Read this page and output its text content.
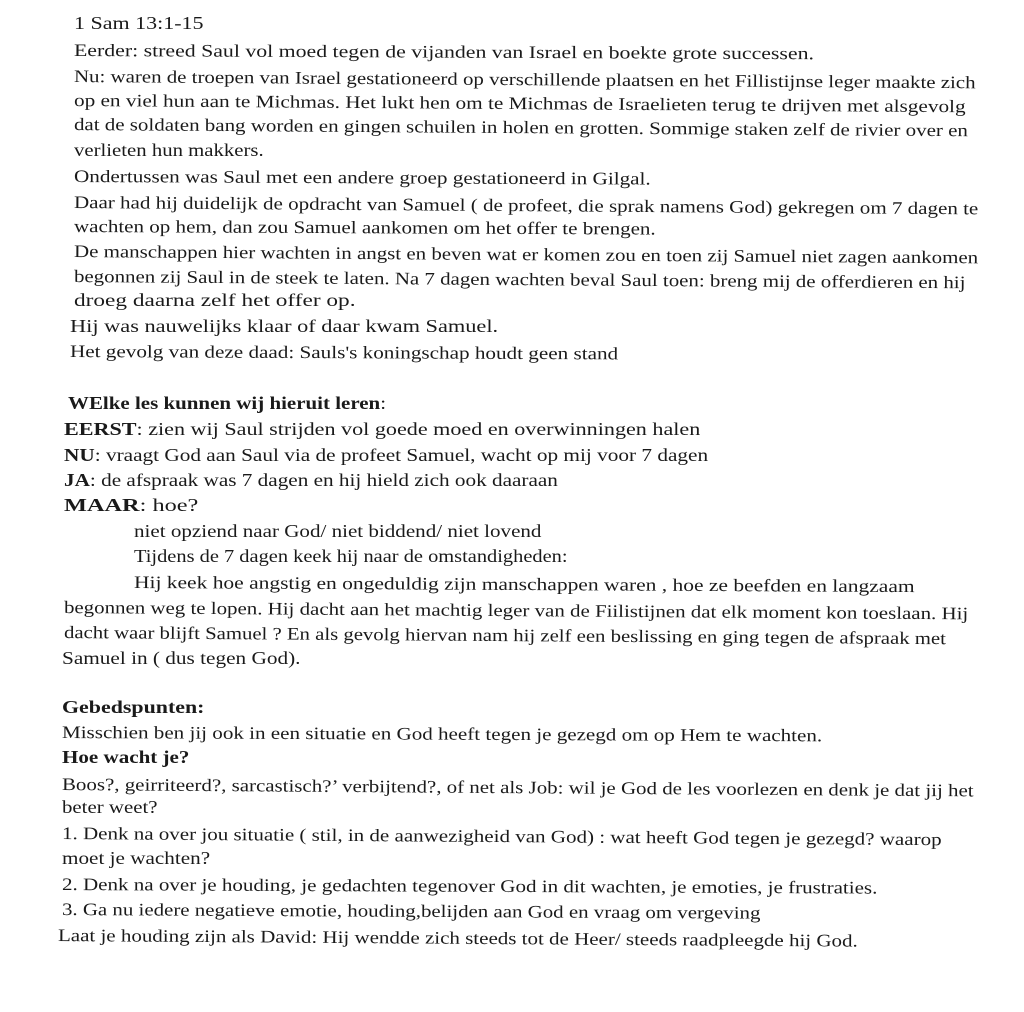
1 Sam 13:1-15
Eerder: streed Saul vol moed tegen de vijanden van Israel en boekte grote successen.
Nu: waren de troepen van Israel gestationeerd op verschillende plaatsen en het Fillistijnse leger maakte zich
op en viel hun aan te Michmas. Het lukt hen om te Michmas de Israelieten terug te drijven met alsgevolg
dat de soldaten bang worden en gingen schuilen in holen en grotten. Sommige staken zelf de rivier over en
verlieten hun makkers.
Ondertussen was Saul met een andere groep gestationeerd in Gilgal.
Daar had hij duidelijk de opdracht van Samuel ( de profeet, die sprak namens God) gekregen om 7 dagen te
wachten op hem, dan zou Samuel aankomen om het offer te brengen.
De manschappen hier wachten in angst en beven wat er komen zou en toen zij Samuel niet zagen aankomen
begonnen zij Saul in de steek te laten. Na 7 dagen wachten beval Saul toen: breng mij de offerdieren en hij
droeg daarna zelf het offer op.
Hij was nauwelijks klaar of daar kwam Samuel.
Het gevolg van deze daad: Sauls's koningschap houdt geen stand
WElke les kunnen wij hieruit leren:
EERST: zien wij Saul strijden vol goede moed en overwinningen halen
NU: vraagt God aan Saul via de profeet Samuel, wacht op mij voor 7 dagen
JA: de afspraak was 7 dagen en hij hield zich ook daaraan
MAAR: hoe?
niet opziend naar God/ niet biddend/ niet lovend
Tijdens de 7 dagen keek hij naar de omstandigheden:
Hij keek hoe angstig en ongeduldig zijn manschappen waren , hoe ze beefden en langzaam
begonnen weg te lopen. Hij dacht aan het machtig leger van de Fiilistijnen dat elk moment kon toeslaan. Hij
dacht waar blijft Samuel ? En als gevolg hiervan nam hij zelf een beslissing en ging tegen de afspraak met
Samuel in ( dus tegen God).
Gebedspunten:
Misschien ben jij ook in een situatie en God heeft tegen je gezegd om op Hem te wachten.
Hoe wacht je?
Boos?, geirriteerd?, sarcastisch?’ verbijtend?, of net als Job: wil je God de les voorlezen en denk je dat jij het
beter weet?
1. Denk na over jou situatie ( stil, in de aanwezigheid van God) : wat heeft God tegen je gezegd? waarop
moet je wachten?
2. Denk na over je houding, je gedachten tegenover God in dit wachten, je emoties, je frustraties.
3. Ga nu iedere negatieve emotie, houding,belijden aan God en vraag om vergeving
Laat je houding zijn als David: Hij wendde zich steeds tot de Heer/ steeds raadpleegde hij God.
